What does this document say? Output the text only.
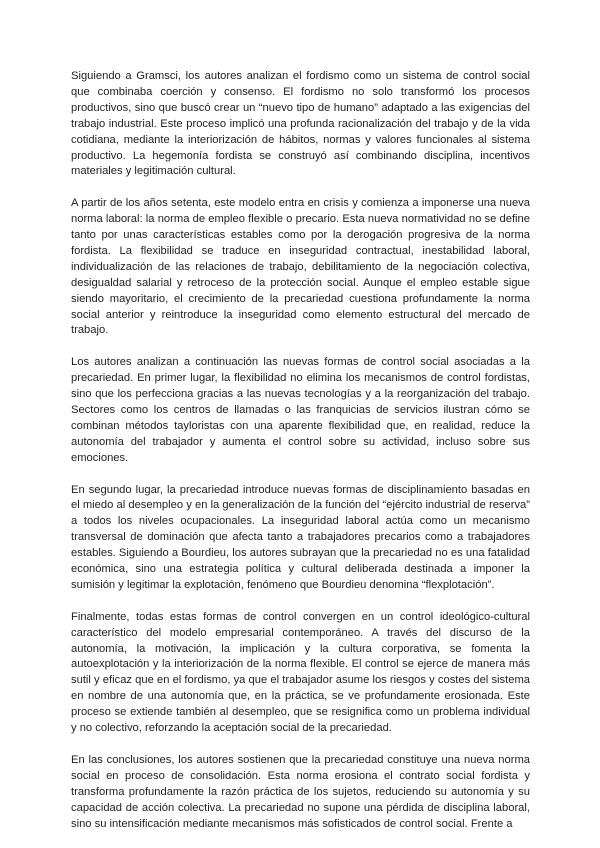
Siguiendo a Gramsci, los autores analizan el fordismo como un sistema de control social que combinaba coerción y consenso. El fordismo no solo transformó los procesos productivos, sino que buscó crear un “nuevo tipo de humano” adaptado a las exigencias del trabajo industrial. Este proceso implicó una profunda racionalización del trabajo y de la vida cotidiana, mediante la interiorización de hábitos, normas y valores funcionales al sistema productivo. La hegemonía fordista se construyó así combinando disciplina, incentivos materiales y legitimación cultural.

A partir de los años setenta, este modelo entra en crisis y comienza a imponerse una nueva norma laboral: la norma de empleo flexible o precario. Esta nueva normatividad no se define tanto por unas características estables como por la derogación progresiva de la norma fordista. La flexibilidad se traduce en inseguridad contractual, inestabilidad laboral, individualización de las relaciones de trabajo, debilitamiento de la negociación colectiva, desigualdad salarial y retroceso de la protección social. Aunque el empleo estable sigue siendo mayoritario, el crecimiento de la precariedad cuestiona profundamente la norma social anterior y reintroduce la inseguridad como elemento estructural del mercado de trabajo.

Los autores analizan a continuación las nuevas formas de control social asociadas a la precariedad. En primer lugar, la flexibilidad no elimina los mecanismos de control fordistas, sino que los perfecciona gracias a las nuevas tecnologías y a la reorganización del trabajo. Sectores como los centros de llamadas o las franquicias de servicios ilustran cómo se combinan métodos tayloristas con una aparente flexibilidad que, en realidad, reduce la autonomía del trabajador y aumenta el control sobre su actividad, incluso sobre sus emociones.

En segundo lugar, la precariedad introduce nuevas formas de disciplinamiento basadas en el miedo al desempleo y en la generalización de la función del “ejército industrial de reserva” a todos los niveles ocupacionales. La inseguridad laboral actúa como un mecanismo transversal de dominación que afecta tanto a trabajadores precarios como a trabajadores estables. Siguiendo a Bourdieu, los autores subrayan que la precariedad no es una fatalidad económica, sino una estrategia política y cultural deliberada destinada a imponer la sumisión y legitimar la explotación, fenómeno que Bourdieu denomina “flexplotación”.

Finalmente, todas estas formas de control convergen en un control ideológico-cultural característico del modelo empresarial contemporáneo. A través del discurso de la autonomía, la motivación, la implicación y la cultura corporativa, se fomenta la autoexplotación y la interiorización de la norma flexible. El control se ejerce de manera más sutil y eficaz que en el fordismo, ya que el trabajador asume los riesgos y costes del sistema en nombre de una autonomía que, en la práctica, se ve profundamente erosionada. Este proceso se extiende también al desempleo, que se resignifica como un problema individual y no colectivo, reforzando la aceptación social de la precariedad.

En las conclusiones, los autores sostienen que la precariedad constituye una nueva norma social en proceso de consolidación. Esta norma erosiona el contrato social fordista y transforma profundamente la razón práctica de los sujetos, reduciendo su autonomía y su capacidad de acción colectiva. La precariedad no supone una pérdida de disciplina laboral, sino su intensificación mediante mecanismos más sofisticados de control social. Frente a
